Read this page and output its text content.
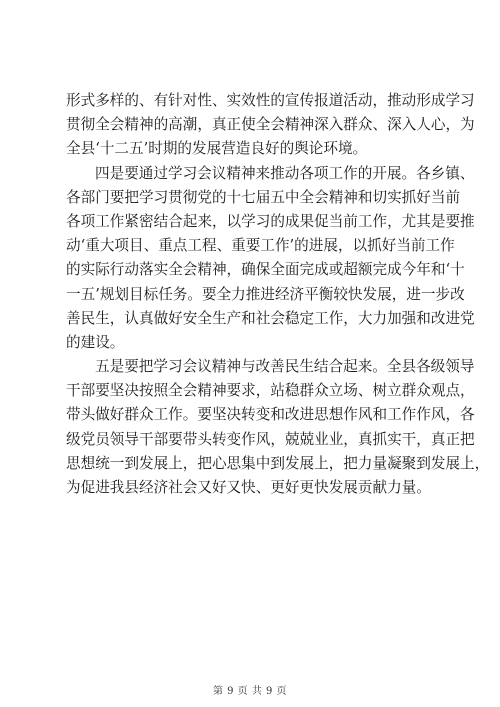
形式多样的、有针对性、实效性的宣传报道活动，推动形成学习
贯彻全会精神的高潮，真正使全会精神深入群众、深入人心，为
全县‘十二五’时期的发展营造良好的舆论环境。
四是要通过学习会议精神来推动各项工作的开展。各乡镇、
各部门要把学习贯彻党的十七届五中全会精神和切实抓好当前
各项工作紧密结合起来，以学习的成果促当前工作，尤其是要推
动‘重大项目、重点工程、重要工作’的进展，以抓好当前工作
的实际行动落实全会精神，确保全面完成或超额完成今年和‘十
一五’规划目标任务。要全力推进经济平衡较快发展，进一步改
善民生，认真做好安全生产和社会稳定工作，大力加强和改进党
的建设。
五是要把学习会议精神与改善民生结合起来。全县各级领导
干部要坚决按照全会精神要求，站稳群众立场、树立群众观点，
带头做好群众工作。要坚决转变和改进思想作风和工作作风，各
级党员领导干部要带头转变作风，兢兢业业，真抓实干，真正把
思想统一到发展上，把心思集中到发展上，把力量凝聚到发展上，
为促进我县经济社会又好又快、更好更快发展贡献力量。
第 9 页 共 9 页
